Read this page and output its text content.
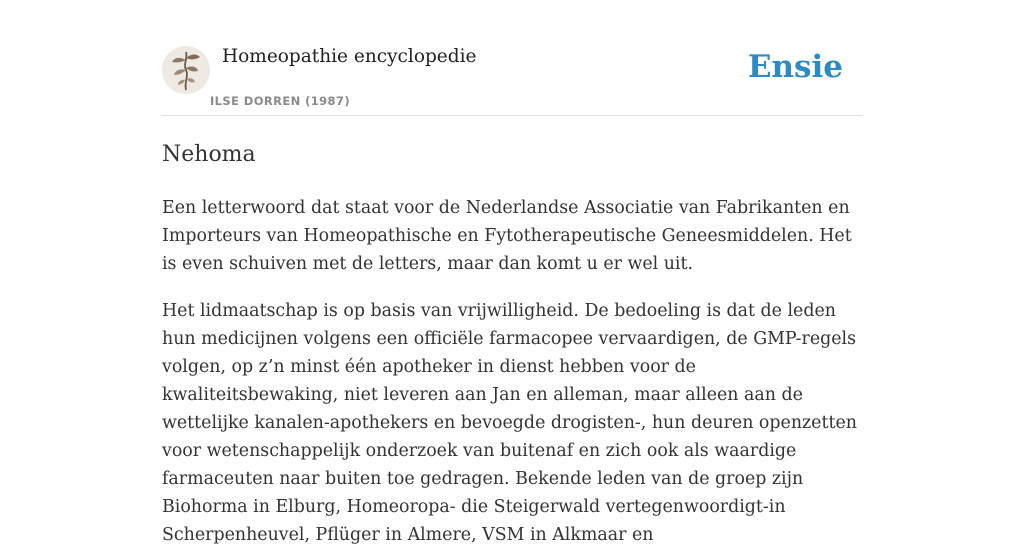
Homeopathie encyclopedie
ILSE DORREN (1987)
Ensie
Nehoma

Een letterwoord dat staat voor de Nederlandse Associatie van Fabrikanten en Importeurs van Homeopathische en Fytotherapeutische Geneesmiddelen. Het is even schuiven met de letters, maar dan komt u er wel uit.

Het lidmaatschap is op basis van vrijwilligheid. De bedoeling is dat de leden hun medicijnen volgens een officiële farmacopee vervaardigen, de GMP-regels volgen, op z’n minst één apotheker in dienst hebben voor de kwaliteitsbewaking, niet leveren aan Jan en alleman, maar alleen aan de wettelijke kanalen-apothekers en bevoegde drogisten-, hun deuren openzetten voor wetenschappelijk onderzoek van buitenaf en zich ook als waardige farmaceuten naar buiten toe gedragen. Bekende leden van de groep zijn Biohorma in Elburg, Homeoropa- die Steigerwald vertegenwoordigt-in Scherpenheuvel, Pflüger in Almere, VSM in Alkmaar en
